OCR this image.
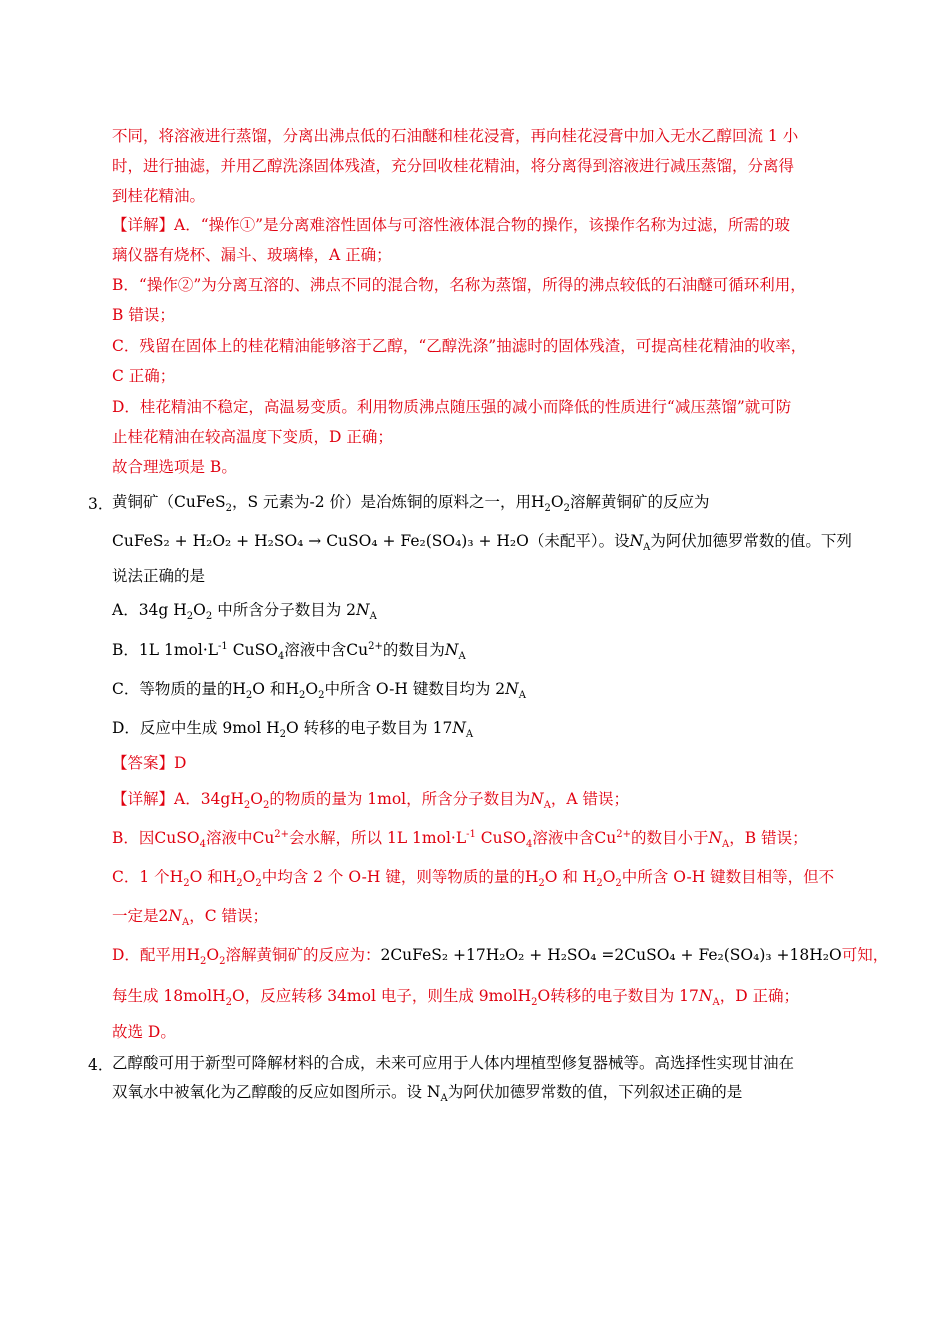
不同，将溶液进行蒸馏，分离出沸点低的石油醚和桂花浸膏，再向桂花浸膏中加入无水乙醇回流 1 小
时，进行抽滤，并用乙醇洗涤固体残渣，充分回收桂花精油，将分离得到溶液进行减压蒸馏，分离得
到桂花精油。
【详解】A．“操作①”是分离难溶性固体与可溶性液体混合物的操作，该操作名称为过滤，所需的玻
璃仪器有烧杯、漏斗、玻璃棒，A 正确；
B．“操作②”为分离互溶的、沸点不同的混合物，名称为蒸馏，所得的沸点较低的石油醚可循环利用，
B 错误；
C．残留在固体上的桂花精油能够溶于乙醇，“乙醇洗涤”抽滤时的固体残渣，可提高桂花精油的收率，
C 正确；
D．桂花精油不稳定，高温易变质。利用物质沸点随压强的减小而降低的性质进行“减压蒸馏”就可防
止桂花精油在较高温度下变质，D 正确；
故合理选项是 B。
3．
黄铜矿（CuFeS$_2$，S 元素为-2 价）是冶炼铜的原料之一，用$H_2O_2$溶解黄铜矿的反应为
CuFeS₂ + H₂O₂ + H₂SO₄ → CuSO₄ + Fe₂(SO₄)₃ + H₂O（未配平）。设$N_A$为阿伏加德罗常数的值。下列
说法正确的是
A．34g $H_2O_2$ 中所含分子数目为 $2N_A$
B．1L $1mol\cdot L^{-1}$ CuSO$_4$溶液中含$Cu^{2+}$的数目为$N_A$
C．等物质的量的$H_2O$ 和$H_2O_2$中所含 O-H 键数目均为 $2N_A$
D．反应中生成 9mol $H_2O$ 转移的电子数目为 $17N_A$
【答案】D
【详解】A．$34gH_2O_2$的物质的量为 1mol，所含分子数目为$N_A$，A 错误；
B．因CuSO$_4$溶液中$Cu^{2+}$会水解，所以 1L $1mol\cdot L^{-1}$ CuSO$_4$溶液中含$Cu^{2+}$的数目小于$N_A$，B 错误；
C．1 个$H_2O$ 和$H_2O_2$中均含 2 个 O-H 键，则等物质的量的$H_2O$ 和 $H_2O_2$中所含 O-H 键数目相等，但不
一定是$2N_A$，C 错误；
D．配平用$H_2O_2$溶解黄铜矿的反应为：2CuFeS₂ +17H₂O₂ + H₂SO₄ =2CuSO₄ + Fe₂(SO₄)₃ +18H₂O可知，
每生成 18molH$_2$O，反应转移 34mol 电子，则生成 9molH$_2$O转移的电子数目为 $17N_A$，D 正确；
故选 D。
4．
乙醇酸可用于新型可降解材料的合成，未来可应用于人体内埋植型修复器械等。高选择性实现甘油在
双氧水中被氧化为乙醇酸的反应如图所示。设 $N_A$为阿伏加德罗常数的值，下列叙述正确的是
